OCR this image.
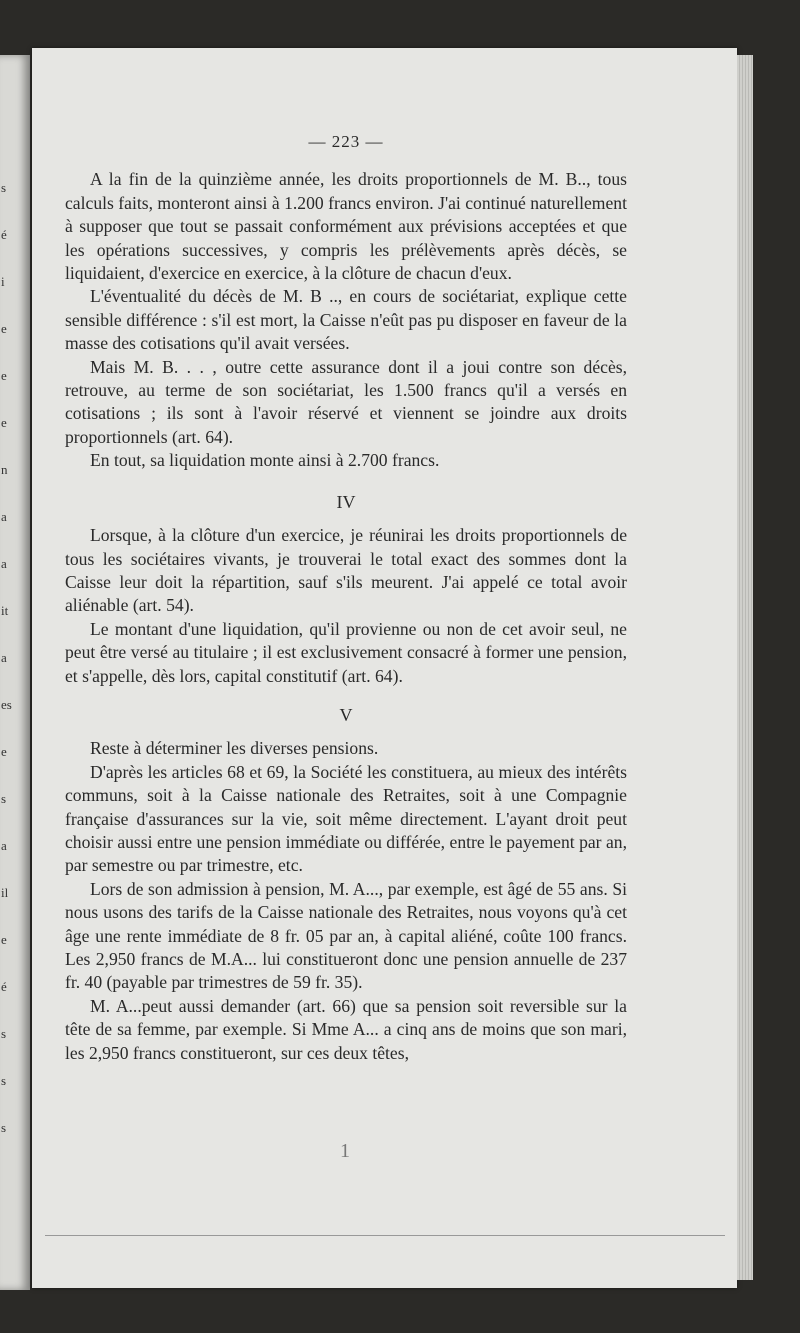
s
é
i
e
e
e
n
a
a
it
a
es
e
s
a
il
e
é
s
s
s
— 223 —

A la fin de la quinzième année, les droits proportionnels de M. B.., tous calculs faits, monteront ainsi à 1.200 francs environ. J'ai continué naturellement à supposer que tout se passait conformément aux prévisions acceptées et que les opérations successives, y compris les prélèvements après décès, se liquidaient, d'exercice en exercice, à la clôture de chacun d'eux.

L'éventualité du décès de M. B .., en cours de sociétariat, explique cette sensible différence : s'il est mort, la Caisse n'eût pas pu disposer en faveur de la masse des cotisations qu'il avait versées.

Mais M. B. . . , outre cette assurance dont il a joui contre son décès, retrouve, au terme de son sociétariat, les 1.500 francs qu'il a versés en cotisations ; ils sont à l'avoir réservé et viennent se joindre aux droits proportionnels (art. 64).

En tout, sa liquidation monte ainsi à 2.700 francs.

IV

Lorsque, à la clôture d'un exercice, je réunirai les droits proportionnels de tous les sociétaires vivants, je trouverai le total exact des sommes dont la Caisse leur doit la répartition, sauf s'ils meurent. J'ai appelé ce total avoir aliénable (art. 54).

Le montant d'une liquidation, qu'il provienne ou non de cet avoir seul, ne peut être versé au titulaire ; il est exclusivement consacré à former une pension, et s'appelle, dès lors, capital constitutif (art. 64).

V

Reste à déterminer les diverses pensions.

D'après les articles 68 et 69, la Société les constituera, au mieux des intérêts communs, soit à la Caisse nationale des Retraites, soit à une Compagnie française d'assurances sur la vie, soit même directement. L'ayant droit peut choisir aussi entre une pension immédiate ou différée, entre le payement par an, par semestre ou par trimestre, etc.

Lors de son admission à pension, M. A..., par exemple, est âgé de 55 ans. Si nous usons des tarifs de la Caisse nationale des Retraites, nous voyons qu'à cet âge une rente immédiate de 8 fr. 05 par an, à capital aliéné, coûte 100 francs. Les 2,950 francs de M.A... lui constitueront donc une pension annuelle de 237 fr. 40 (payable par trimestres de 59 fr. 35).

M. A...peut aussi demander (art. 66) que sa pension soit reversible sur la tête de sa femme, par exemple. Si Mme A... a cinq ans de moins que son mari, les 2,950 francs constitueront, sur ces deux têtes,

1
